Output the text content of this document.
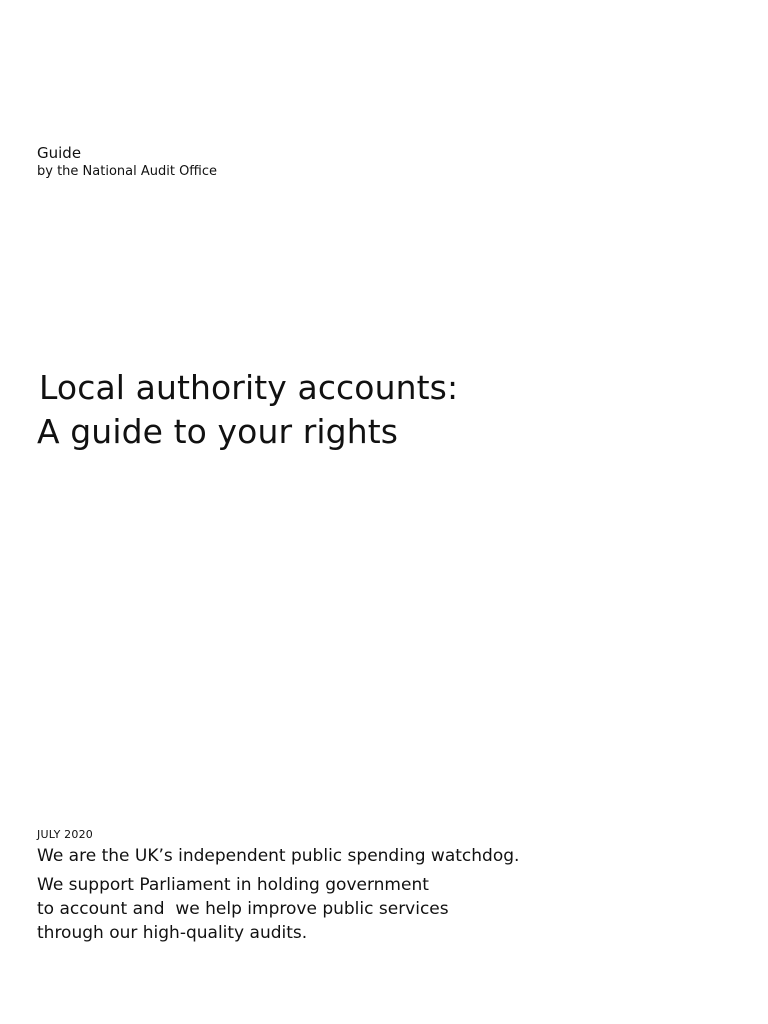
Guide

by the National Audit Office

Local authority accounts:
A guide to your rights

JULY 2020

We are the UK’s independent public spending watchdog.

We support Parliament in holding government
to account and  we help improve public services
through our high-quality audits.
